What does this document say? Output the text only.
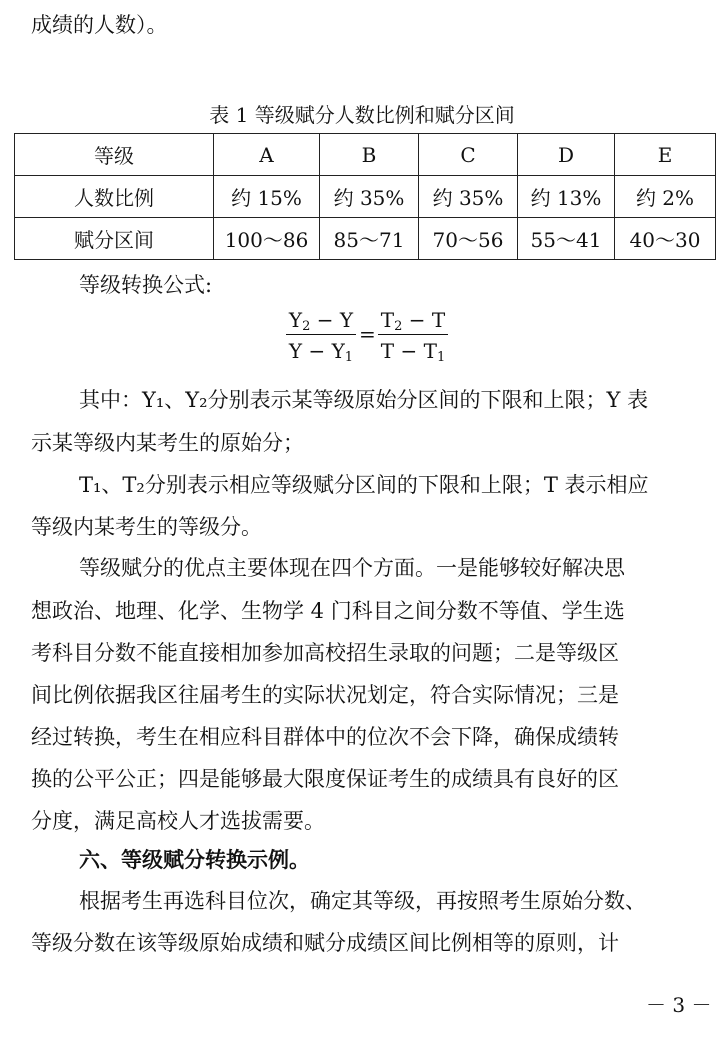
成绩的人数）。
表 1 等级赋分人数比例和赋分区间
等级	A	B	C	D	E
人数比例	约 15%	约 35%	约 35%	约 13%	约 2%
赋分区间	100～86	85～71	70～56	55～41	40～30
等级转换公式:
$\frac{Y_2 - Y}{Y - Y_1} = \frac{T_2 - T}{T - T_1}$
其中：Y₁、Y₂分别表示某等级原始分区间的下限和上限；Y 表
示某等级内某考生的原始分；
T₁、T₂分别表示相应等级赋分区间的下限和上限；T 表示相应
等级内某考生的等级分。
等级赋分的优点主要体现在四个方面。一是能够较好解决思
想政治、地理、化学、生物学 4 门科目之间分数不等值、学生选
考科目分数不能直接相加参加高校招生录取的问题；二是等级区
间比例依据我区往届考生的实际状况划定，符合实际情况；三是
经过转换，考生在相应科目群体中的位次不会下降，确保成绩转
换的公平公正；四是能够最大限度保证考生的成绩具有良好的区
分度，满足高校人才选拔需要。
六、等级赋分转换示例。
根据考生再选科目位次，确定其等级，再按照考生原始分数、
等级分数在该等级原始成绩和赋分成绩区间比例相等的原则，计
－ 3 －
